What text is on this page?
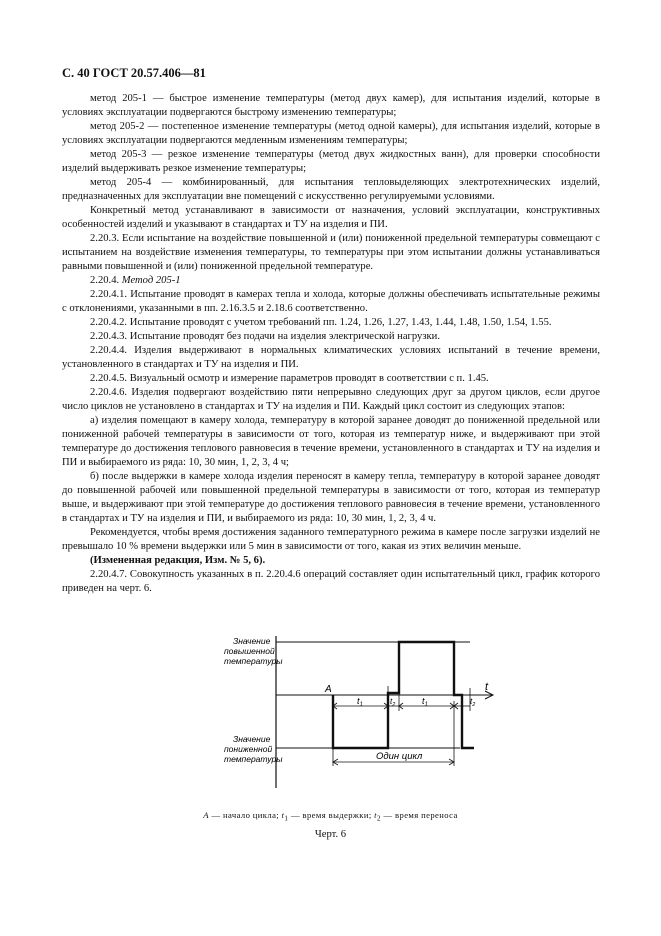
С. 40 ГОСТ 20.57.406—81

метод 205-1 — быстрое изменение температуры (метод двух камер), для испытания изделий, которые в условиях эксплуатации подвергаются быстрому изменению температуры;

метод 205-2 — постепенное изменение температуры (метод одной камеры), для испытания изделий, которые в условиях эксплуатации подвергаются медленным изменениям температуры;

метод 205-3 — резкое изменение температуры (метод двух жидкостных ванн), для проверки способности изделий выдерживать резкое изменение температуры;

метод 205-4 — комбинированный, для испытания тепловыделяющих электротехнических изделий, предназначенных для эксплуатации вне помещений с искусственно регулируемыми условиями.

Конкретный метод устанавливают в зависимости от назначения, условий эксплуатации, конструктивных особенностей изделий и указывают в стандартах и ТУ на изделия и ПИ.

2.20.3. Если испытание на воздействие повышенной и (или) пониженной предельной температуры совмещают с испытанием на воздействие изменения температуры, то температуры при этом испытании должны устанавливаться равными повышенной и (или) пониженной предельной температуре.

2.20.4. Метод 205-1

2.20.4.1. Испытание проводят в камерах тепла и холода, которые должны обеспечивать испытательные режимы с отклонениями, указанными в пп. 2.16.3.5 и 2.18.6 соответственно.

2.20.4.2. Испытание проводят с учетом требований пп. 1.24, 1.26, 1.27, 1.43, 1.44, 1.48, 1.50, 1.54, 1.55.

2.20.4.3. Испытание проводят без подачи на изделия электрической нагрузки.

2.20.4.4. Изделия выдерживают в нормальных климатических условиях испытаний в течение времени, установленного в стандартах и ТУ на изделия и ПИ.

2.20.4.5. Визуальный осмотр и измерение параметров проводят в соответствии с п. 1.45.

2.20.4.6. Изделия подвергают воздействию пяти непрерывно следующих друг за другом циклов, если другое число циклов не установлено в стандартах и ТУ на изделия и ПИ. Каждый цикл состоит из следующих этапов:

а) изделия помещают в камеру холода, температуру в которой заранее доводят до пониженной предельной или пониженной рабочей температуры в зависимости от того, которая из температур ниже, и выдерживают при этой температуре до достижения теплового равновесия в течение времени, установленного в стандартах и ТУ на изделия и ПИ и выбираемого из ряда: 10, 30 мин, 1, 2, 3, 4 ч;

б) после выдержки в камере холода изделия переносят в камеру тепла, температуру в которой заранее доводят до повышенной рабочей или повышенной предельной температуры в зависимости от того, которая из температур выше, и выдерживают при этой температуре до достижения теплового равновесия в течение времени, установленного в стандартах и ТУ на изделия и ПИ, и выбираемого из ряда: 10, 30 мин, 1, 2, 3, 4 ч.

Рекомендуется, чтобы время достижения заданного температурного режима в камере после загрузки изделий не превышало 10 % времени выдержки или 5 мин в зависимости от того, какая из этих величин меньше.

(Измененная редакция, Изм. № 5, 6).

2.20.4.7. Совокупность указанных в п. 2.20.4.6 операций составляет один испытательный цикл, график которого приведен на черт. 6.

Значение
повышенной
температуры
Значение
пониженной
температуры
t
A
$t_1$	$t_2$	$t_1$	$t_2$
Один цикл
A — начало цикла; $t_1$ — время выдержки; $t_2$ — время переноса
Черт. 6
